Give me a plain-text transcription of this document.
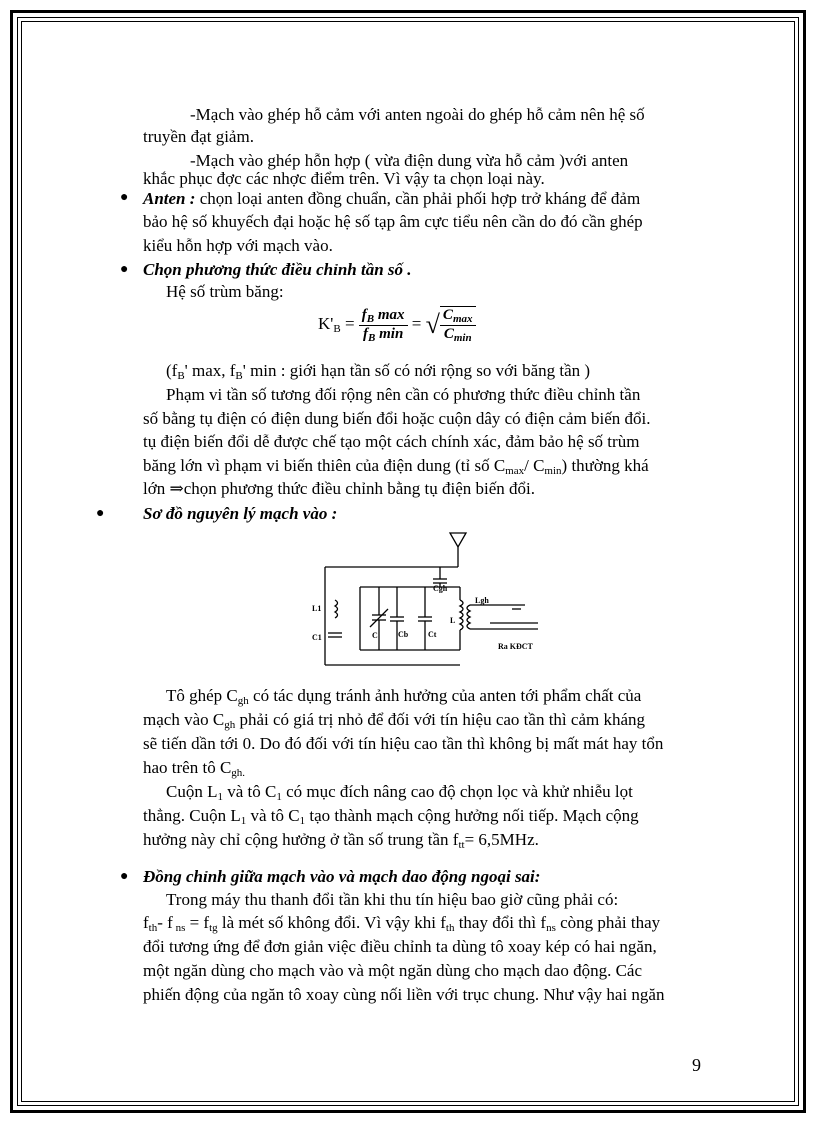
-Mạch vào ghép hỗ cảm với anten ngoài do ghép hỗ cảm nên hệ số
truyền đạt giảm.
-Mạch vào ghép hỗn hợp ( vừa điện dung vừa hỗ cảm )với anten
khắc phục đợc các nhợc điểm trên. Vì vậy ta chọn loại này.
● Anten : chọn loại anten đồng chuẩn, cần phải phối hợp trở kháng để đảm
bảo hệ số khuyếch đại hoặc hệ số tạp âm cực tiểu nên cần do đó cần ghép
kiểu hỗn hợp với mạch vào.
● Chọn phương thức điều chỉnh tần số .
Hệ số trùm băng:
$K'_B = \frac{f_B \max}{f_B \min}$ = √ $\frac{C_{max}}{C_{min}}$
($f_B'$ max, $f_B'$ min : giới hạn tần số có nới rộng so với băng tần )
Phạm vi tần số tương đối rộng nên cần có phương thức điều chỉnh tần
số bằng tụ điện có điện dung biến đổi hoặc cuộn dây có điện cảm biến đổi.
tụ điện biến đổi dễ được chế tạo một cách chính xác, đảm bảo hệ số trùm
băng lớn vì phạm vi biến thiên của điện dung (tỉ số $C_{max}/$ $C_{min}$) thường khá
lớn ⇒chọn phương thức điều chỉnh bằng tụ điện biến đổi.
● Sơ đồ nguyên lý mạch vào :
Cgh
L1
C1	C	Cb Ct
L
Lgh
Ra KĐCT
Tô ghép $C_{gh}$ có tác dụng tránh ảnh hưởng của anten tới phẩm chất của
mạch vào $C_{gh}$ phải có giá trị nhỏ để đối với tín hiệu cao tần thì cảm kháng
sẽ tiến dần tới 0. Do đó đối với tín hiệu cao tần thì không bị mất mát hay tổn
hao trên tô $C_{gh.}$
Cuộn $L_1$ và tô $C_1$ có mục đích nâng cao độ chọn lọc và khử nhiễu lọt
thẳng. Cuộn $L_1$ và tô $C_1$ tạo thành mạch cộng hưởng nối tiếp. Mạch cộng
hưởng này chỉ cộng hưởng ở tần số trung tần $f_{tt}= 6,5MHz$.
● Đồng chỉnh giữa mạch vào và mạch dao động ngoại sai:
Trong máy thu thanh đổi tần khi thu tín hiệu bao giờ cũng phải có:
$f_{th}-$ f $_{ns} = f_{tg}$ là mét số không đổi. Vì vậy khi $f_{th}$ thay đổi thì $f_{ns}$ còng phải thay
đổi tương ứng để đơn giản việc điều chỉnh ta dùng tô xoay kép có hai ngăn,
một ngăn dùng cho mạch vào và một ngăn dùng cho mạch dao động. Các
phiến động của ngăn tô xoay cùng nối liền với trục chung. Như vậy hai ngăn
9
